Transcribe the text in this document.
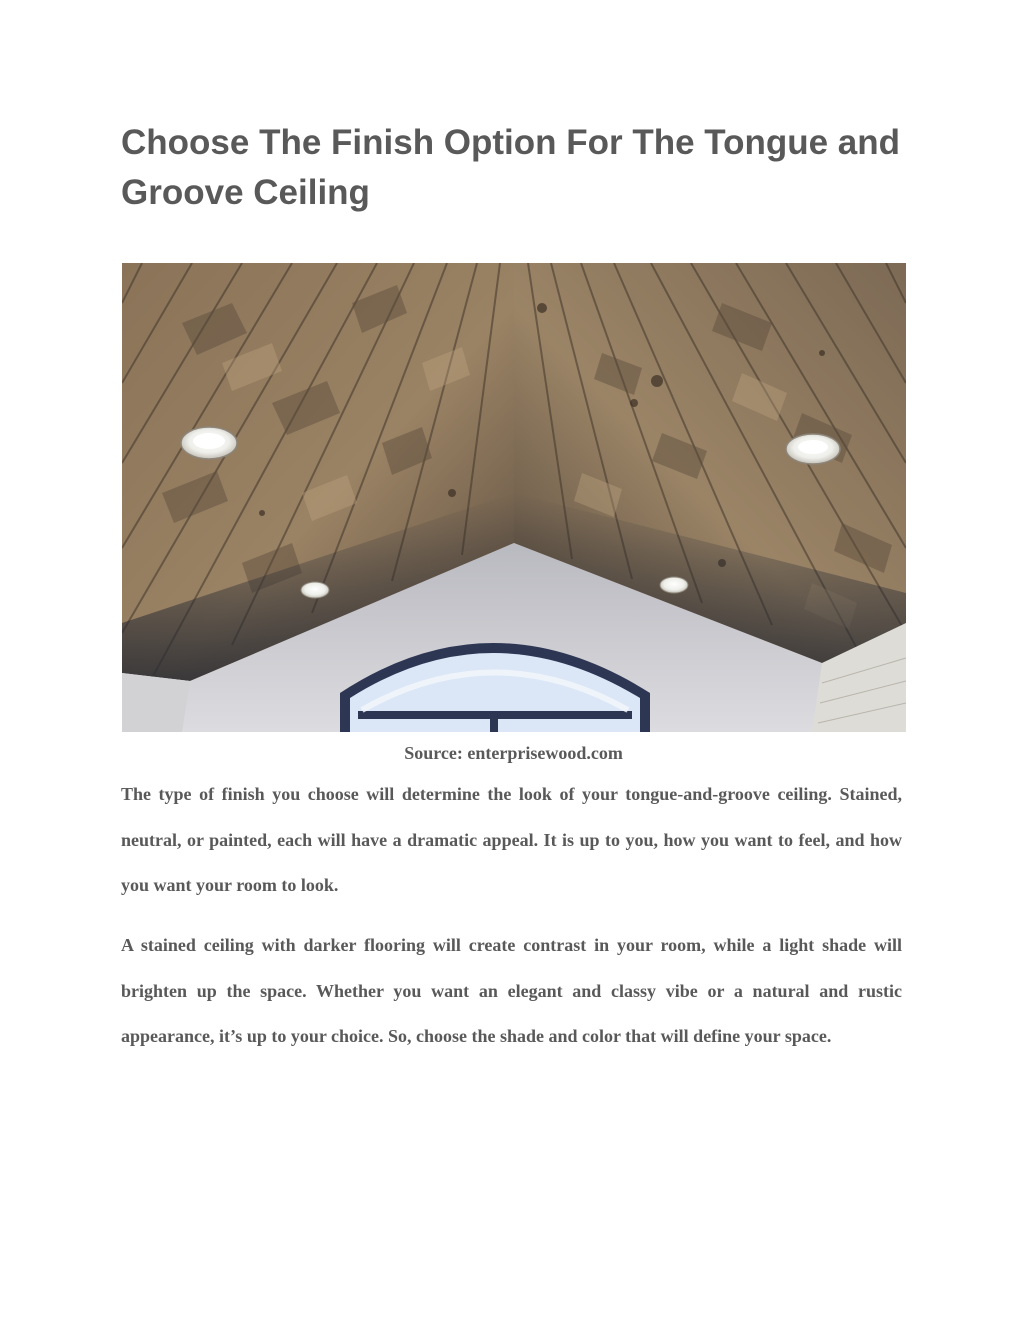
Choose The Finish Option For The Tongue and Groove Ceiling

Source: enterprisewood.com

The type of finish you choose will determine the look of your tongue-and-groove ceiling. Stained, neutral, or painted, each will have a dramatic appeal. It is up to you, how you want to feel, and how you want your room to look.

A stained ceiling with darker flooring will create contrast in your room, while a light shade will brighten up the space. Whether you want an elegant and classy vibe or a natural and rustic appearance, it’s up to your choice. So, choose the shade and color that will define your space.
